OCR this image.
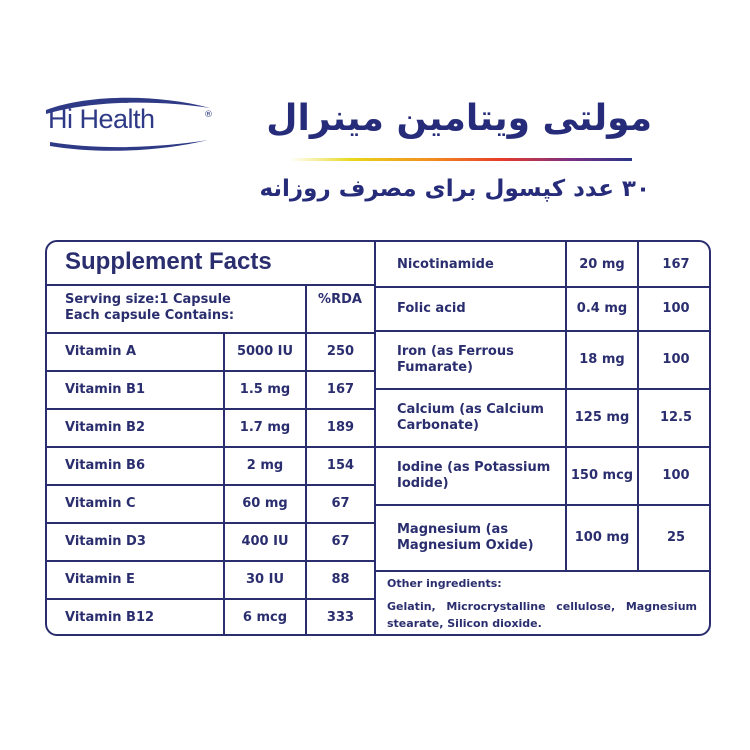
Hi Health	® مولتی ویتامین مینرال
۳۰ عدد کپسول برای مصرف روزانه
Supplement Facts
Serving size:1 Capsule
Each capsule Contains:
%RDA
Vitamin A	5000 IU	250
Vitamin B1	1.5 mg	167
Vitamin B2	1.7 mg	189
Vitamin B6	2 mg	154
Vitamin C	60 mg	67
Vitamin D3	400 IU	67
Vitamin E	30 IU	88
Vitamin B12	6 mcg	333
Nicotinamide	20 mg	167
Folic acid	0.4 mg	100
Iron (as Ferrous
Fumarate)
18 mg	100
Calcium (as Calcium
Carbonate)
125 mg	12.5
Iodine (as Potassium
Iodide)
150 mcg	100
Magnesium (as
Magnesium Oxide)
100 mg	25
Other ingredients:
Gelatin, Microcrystalline cellulose, Magnesium stearate, Silicon dioxide.
